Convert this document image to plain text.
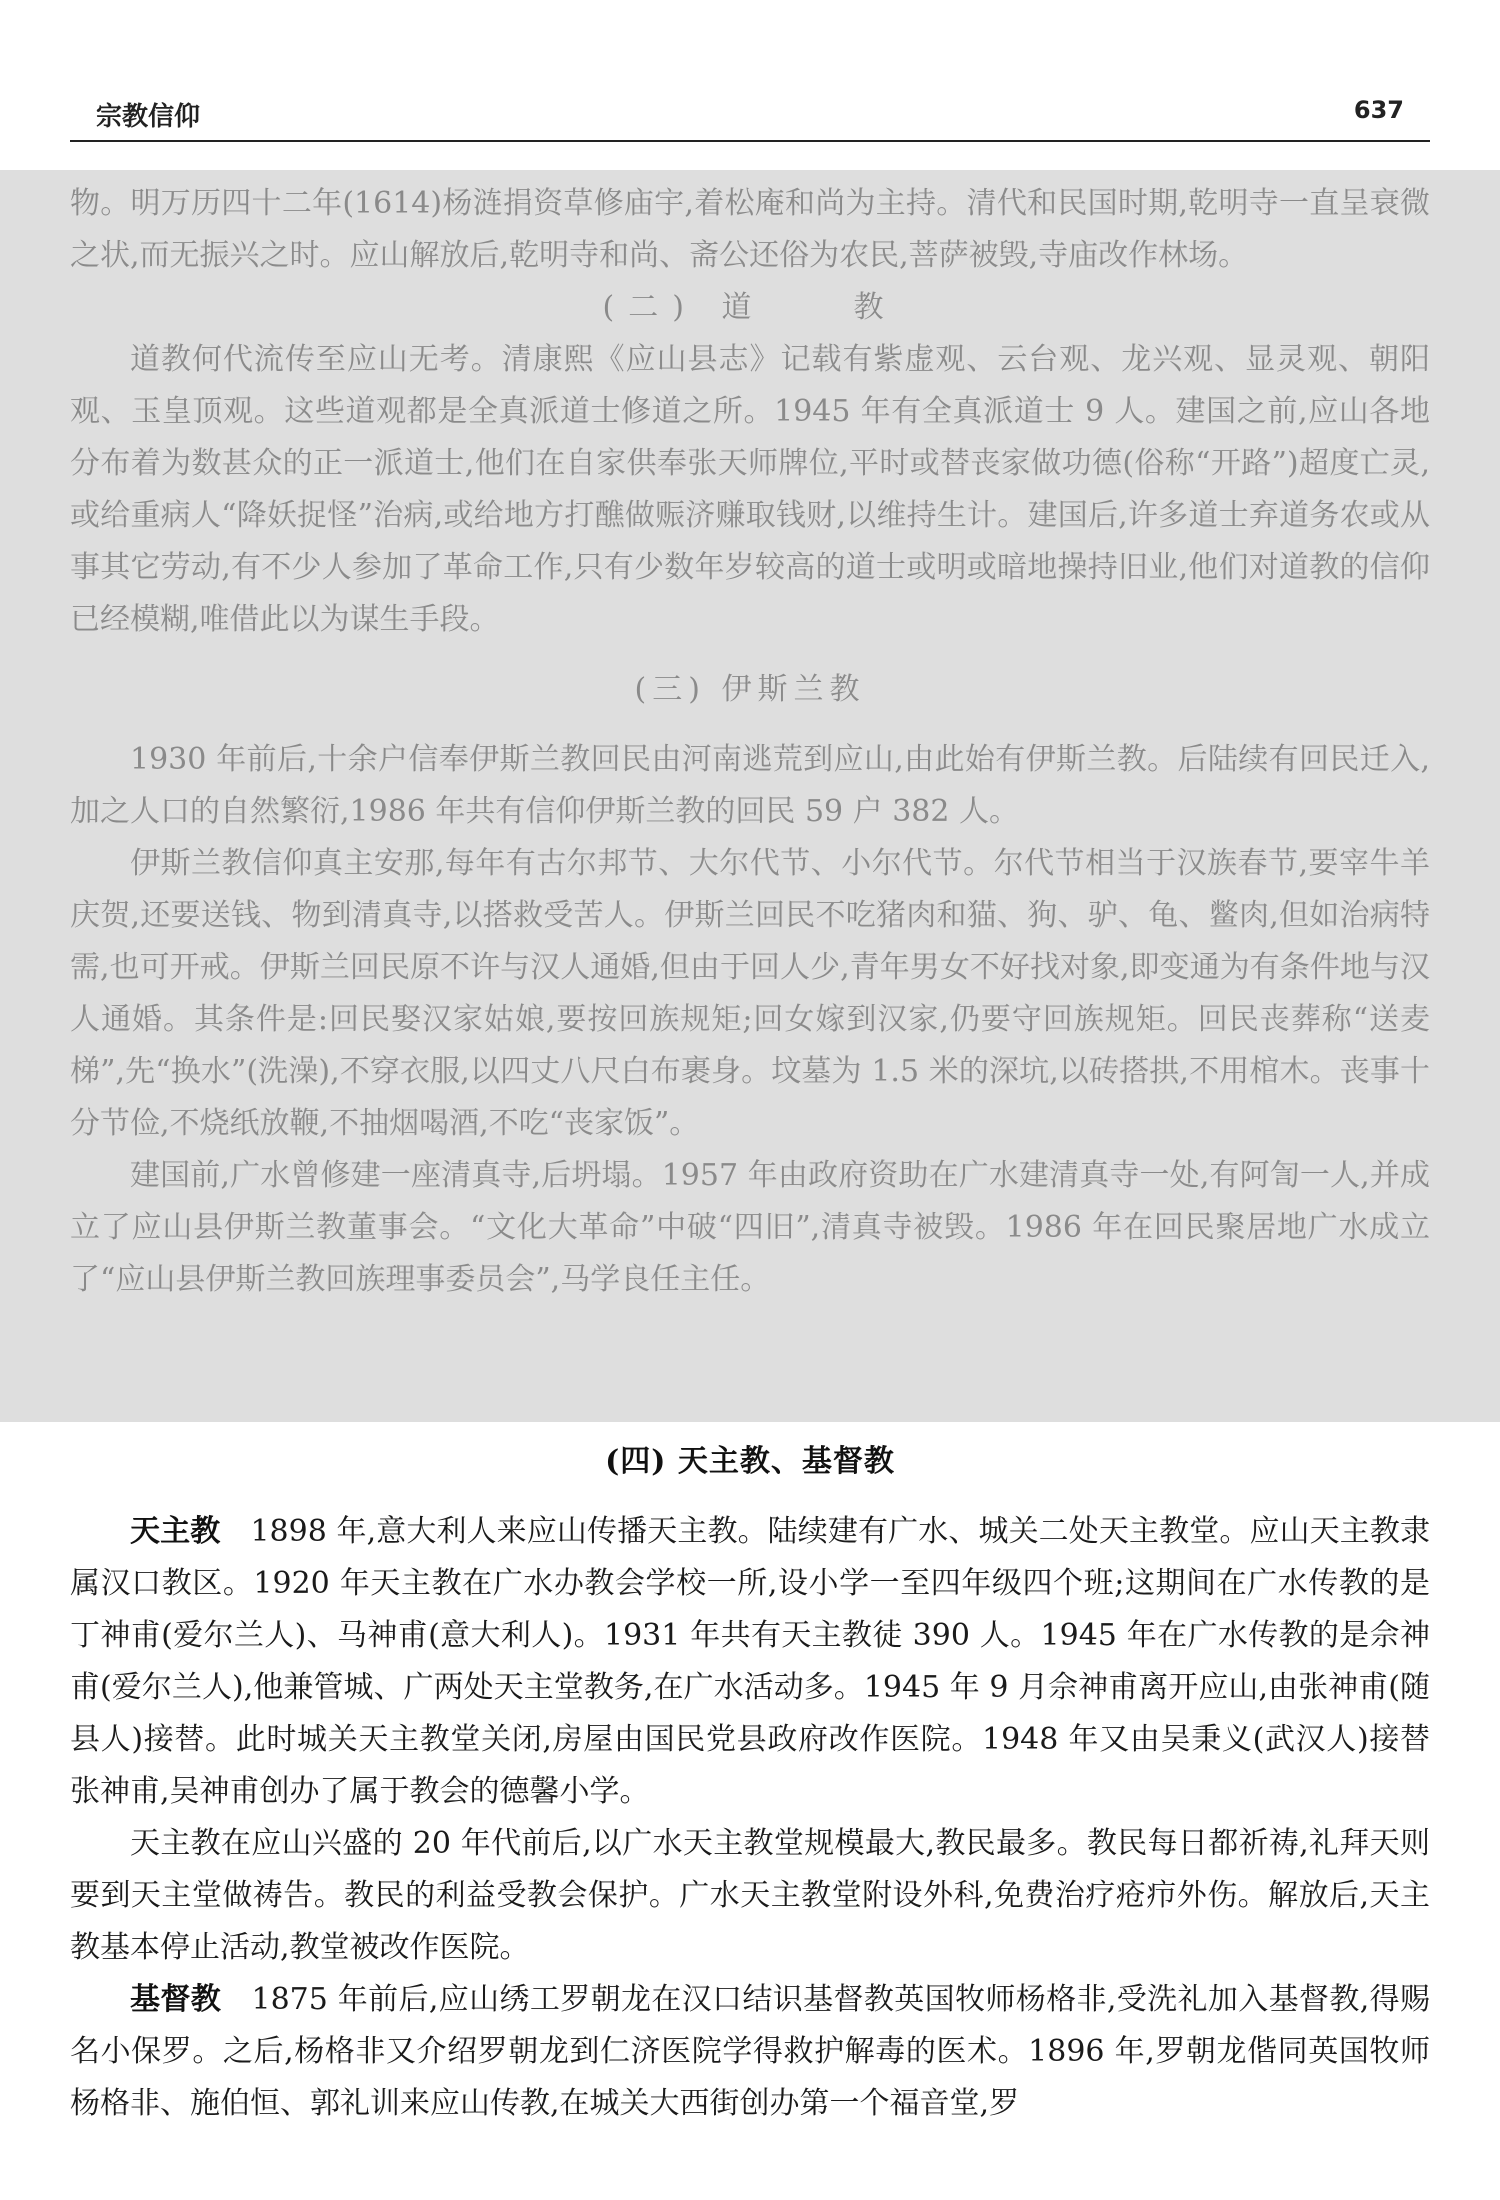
宗教信仰	637

物。明万历四十二年(1614)杨涟捐资草修庙宇,着松庵和尚为主持。清代和民国时期,乾明寺一直呈衰微之状,而无振兴之时。应山解放后,乾明寺和尚、斋公还俗为农民,菩萨被毁,寺庙改作林场。

(二) 道　　教

道教何代流传至应山无考。清康熙《应山县志》记载有紫虚观、云台观、龙兴观、显灵观、朝阳观、玉皇顶观。这些道观都是全真派道士修道之所。1945 年有全真派道士 9 人。建国之前,应山各地分布着为数甚众的正一派道士,他们在自家供奉张天师牌位,平时或替丧家做功德(俗称“开路”)超度亡灵,或给重病人“降妖捉怪”治病,或给地方打醮做赈济赚取钱财,以维持生计。建国后,许多道士弃道务农或从事其它劳动,有不少人参加了革命工作,只有少数年岁较高的道士或明或暗地操持旧业,他们对道教的信仰已经模糊,唯借此以为谋生手段。

(三) 伊斯兰教

1930 年前后,十余户信奉伊斯兰教回民由河南逃荒到应山,由此始有伊斯兰教。后陆续有回民迁入,加之人口的自然繁衍,1986 年共有信仰伊斯兰教的回民 59 户 382 人。

伊斯兰教信仰真主安那,每年有古尔邦节、大尔代节、小尔代节。尔代节相当于汉族春节,要宰牛羊庆贺,还要送钱、物到清真寺,以搭救受苦人。伊斯兰回民不吃猪肉和猫、狗、驴、龟、鳖肉,但如治病特需,也可开戒。伊斯兰回民原不许与汉人通婚,但由于回人少,青年男女不好找对象,即变通为有条件地与汉人通婚。其条件是:回民娶汉家姑娘,要按回族规矩;回女嫁到汉家,仍要守回族规矩。回民丧葬称“送麦梯”,先“换水”(洗澡),不穿衣服,以四丈八尺白布裹身。坟墓为 1.5 米的深坑,以砖搭拱,不用棺木。丧事十分节俭,不烧纸放鞭,不抽烟喝酒,不吃“丧家饭”。

建国前,广水曾修建一座清真寺,后坍塌。1957 年由政府资助在广水建清真寺一处,有阿訇一人,并成立了应山县伊斯兰教董事会。“文化大革命”中破“四旧”,清真寺被毁。1986 年在回民聚居地广水成立了“应山县伊斯兰教回族理事委员会”,马学良任主任。

(四) 天主教、基督教

天主教　 1898 年,意大利人来应山传播天主教。陆续建有广水、城关二处天主教堂。应山天主教隶属汉口教区。1920 年天主教在广水办教会学校一所,设小学一至四年级四个班;这期间在广水传教的是丁神甫(爱尔兰人)、马神甫(意大利人)。1931 年共有天主教徒 390 人。1945 年在广水传教的是佘神甫(爱尔兰人),他兼管城、广两处天主堂教务,在广水活动多。1945 年 9 月佘神甫离开应山,由张神甫(随县人)接替。此时城关天主教堂关闭,房屋由国民党县政府改作医院。1948 年又由吴秉义(武汉人)接替张神甫,吴神甫创办了属于教会的德馨小学。

天主教在应山兴盛的 20 年代前后,以广水天主教堂规模最大,教民最多。教民每日都祈祷,礼拜天则要到天主堂做祷告。教民的利益受教会保护。广水天主教堂附设外科,免费治疗疮疖外伤。解放后,天主教基本停止活动,教堂被改作医院。

基督教　 1875 年前后,应山绣工罗朝龙在汉口结识基督教英国牧师杨格非,受洗礼加入基督教,得赐名小保罗。之后,杨格非又介绍罗朝龙到仁济医院学得救护解毒的医术。1896 年,罗朝龙偕同英国牧师杨格非、施伯恒、郭礼训来应山传教,在城关大西街创办第一个福音堂,罗
